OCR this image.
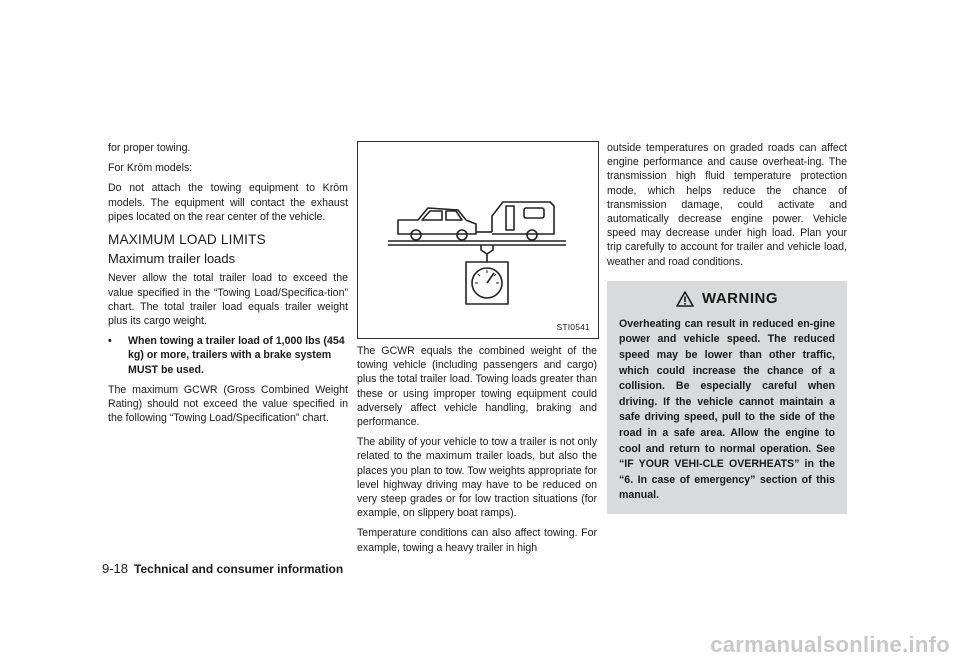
for proper towing.

For Krōm models:

Do not attach the towing equipment to Krōm models. The equipment will contact the exhaust pipes located on the rear center of the vehicle.

MAXIMUM LOAD LIMITS
Maximum trailer loads

Never allow the total trailer load to exceed the value specified in the “Towing Load/Specifica-tion” chart. The total trailer load equals trailer weight plus its cargo weight.

•	When towing a trailer load of 1,000 lbs (454 kg) or more, trailers with a brake system MUST be used.

The maximum GCWR (Gross Combined Weight Rating) should not exceed the value specified in the following “Towing Load/Specification” chart.

STI0541

The GCWR equals the combined weight of the towing vehicle (including passengers and cargo) plus the total trailer load. Towing loads greater than these or using improper towing equipment could adversely affect vehicle handling, braking and performance.

The ability of your vehicle to tow a trailer is not only related to the maximum trailer loads, but also the places you plan to tow. Tow weights appropriate for level highway driving may have to be reduced on very steep grades or for low traction situations (for example, on slippery boat ramps).

Temperature conditions can also affect towing. For example, towing a heavy trailer in high

outside temperatures on graded roads can affect engine performance and cause overheat-ing. The transmission high fluid temperature protection mode, which helps reduce the chance of transmission damage, could activate and automatically decrease engine power. Vehicle speed may decrease under high load. Plan your trip carefully to account for trailer and vehicle load, weather and road conditions.

WARNING
Overheating can result in reduced en-gine power and vehicle speed. The reduced speed may be lower than other traffic, which could increase the chance of a collision. Be especially careful when driving. If the vehicle cannot maintain a safe driving speed, pull to the side of the road in a safe area. Allow the engine to cool and return to normal operation. See “IF YOUR VEHI-CLE OVERHEATS” in the “6. In case of emergency” section of this manual.
9-18 Technical and consumer information
carmanualsonline.info
